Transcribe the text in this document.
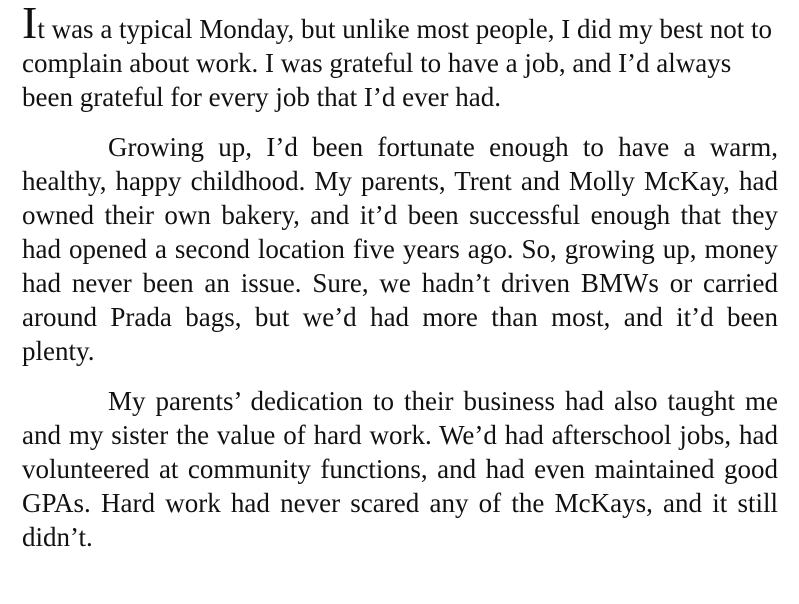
It was a typical Monday, but unlike most people, I did my best not to complain about work. I was grateful to have a job, and I’d always been grateful for every job that I’d ever had.

Growing up, I’d been fortunate enough to have a warm, healthy, happy childhood. My parents, Trent and Molly McKay, had owned their own bakery, and it’d been successful enough that they had opened a second location five years ago. So, growing up, money had never been an issue. Sure, we hadn’t driven BMWs or carried around Prada bags, but we’d had more than most, and it’d been plenty.

My parents’ dedication to their business had also taught me and my sister the value of hard work. We’d had afterschool jobs, had volunteered at community functions, and had even maintained good GPAs. Hard work had never scared any of the McKays, and it still didn’t.
